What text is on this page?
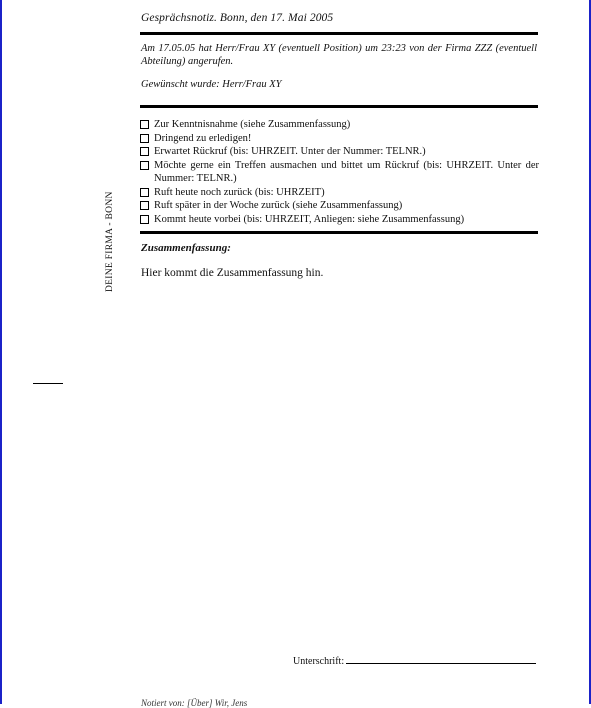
Gesprächsnotiz. Bonn, den 17. Mai 2005
Am 17.05.05 hat Herr/Frau XY (eventuell Position) um 23:23 von der Firma ZZZ (eventuell Abteilung) angerufen.
Gewünscht wurde: Herr/Frau XY
Zur Kenntnisnahme (siehe Zusammenfassung)
Dringend zu erledigen!
Erwartet Rückruf (bis: UHRZEIT. Unter der Nummer: TELNR.)
Möchte gerne ein Treffen ausmachen und bittet um Rückruf (bis: UHRZEIT. Unter der Nummer: TELNR.)
Ruft heute noch zurück (bis: UHRZEIT)
Ruft später in der Woche zurück (siehe Zusammenfassung)
Kommt heute vorbei (bis: UHRZEIT, Anliegen: siehe Zusammenfassung)
Zusammenfassung:
Hier kommt die Zusammenfassung hin.
DEINE FIRMA - BONN
Unterschrift:
Notiert von: [Über] Wir, Jens
